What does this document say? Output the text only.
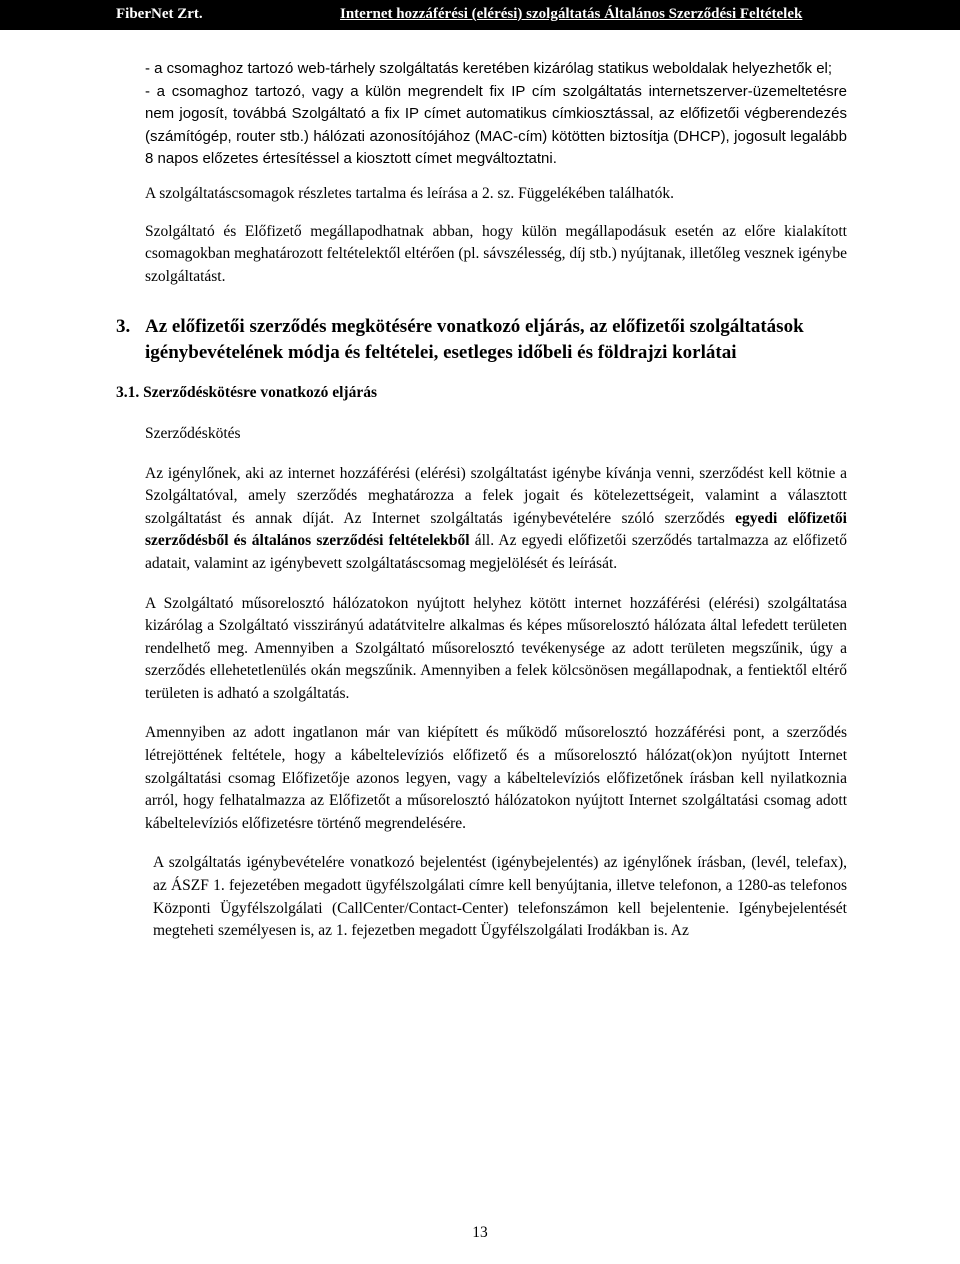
FiberNet Zrt.	Internet hozzáférési (elérési) szolgáltatás Általános Szerződési Feltételek

- a csomaghoz tartozó web-tárhely szolgáltatás keretében kizárólag statikus weboldalak helyezhetők el;

- a csomaghoz tartozó, vagy a külön megrendelt fix IP cím szolgáltatás internetszerver-üzemeltetésre nem jogosít, továbbá Szolgáltató a fix IP címet automatikus címkiosztással, az előfizetői végberendezés (számítógép, router stb.) hálózati azonosítójához (MAC-cím) kötötten biztosítja (DHCP), jogosult legalább 8 napos előzetes értesítéssel a kiosztott címet megváltoztatni.

A szolgáltatáscsomagok részletes tartalma és leírása a 2. sz. Függelékében találhatók.

Szolgáltató és Előfizető megállapodhatnak abban, hogy külön megállapodásuk esetén az előre kialakított csomagokban meghatározott feltételektől eltérően (pl. sávszélesség, díj stb.) nyújtanak, illetőleg vesznek igénybe szolgáltatást.

3. Az előfizetői szerződés megkötésére vonatkozó eljárás, az előfizetői szolgáltatások igénybevételének módja és feltételei, esetleges időbeli és földrajzi korlátai

3.1. Szerződéskötésre vonatkozó eljárás

Szerződéskötés

Az igénylőnek, aki az internet hozzáférési (elérési) szolgáltatást igénybe kívánja venni, szerződést kell kötnie a Szolgáltatóval, amely szerződés meghatározza a felek jogait és kötelezettségeit, valamint a választott szolgáltatást és annak díját. Az Internet szolgáltatás igénybevételére szóló szerződés egyedi előfizetői szerződésből és általános szerződési feltételekből áll. Az egyedi előfizetői szerződés tartalmazza az előfizető adatait, valamint az igénybevett szolgáltatáscsomag megjelölését és leírását.

A Szolgáltató műsorelosztó hálózatokon nyújtott helyhez kötött internet hozzáférési (elérési) szolgáltatása kizárólag a Szolgáltató visszirányú adatátvitelre alkalmas és képes műsorelosztó hálózata által lefedett területen rendelhető meg. Amennyiben a Szolgáltató műsorelosztó tevékenysége az adott területen megszűnik, úgy a szerződés ellehetetlenülés okán megszűnik. Amennyiben a felek kölcsönösen megállapodnak, a fentiektől eltérő területen is adható a szolgáltatás.

Amennyiben az adott ingatlanon már van kiépített és működő műsorelosztó hozzáférési pont, a szerződés létrejöttének feltétele, hogy a kábeltelevíziós előfizető és a műsorelosztó hálózat(ok)on nyújtott Internet szolgáltatási csomag Előfizetője azonos legyen, vagy a kábeltelevíziós előfizetőnek írásban kell nyilatkoznia arról, hogy felhatalmazza az Előfizetőt a műsorelosztó hálózatokon nyújtott Internet szolgáltatási csomag adott kábeltelevíziós előfizetésre történő megrendelésére.

A szolgáltatás igénybevételére vonatkozó bejelentést (igénybejelentés) az igénylőnek írásban, (levél, telefax), az ÁSZF 1. fejezetében megadott ügyfélszolgálati címre kell benyújtania, illetve telefonon, a 1280-as telefonos Központi Ügyfélszolgálati (CallCenter/Contact-Center) telefonszámon kell bejelentenie. Igénybejelentését megteheti személyesen is, az 1. fejezetben megadott Ügyfélszolgálati Irodákban is. Az

13
